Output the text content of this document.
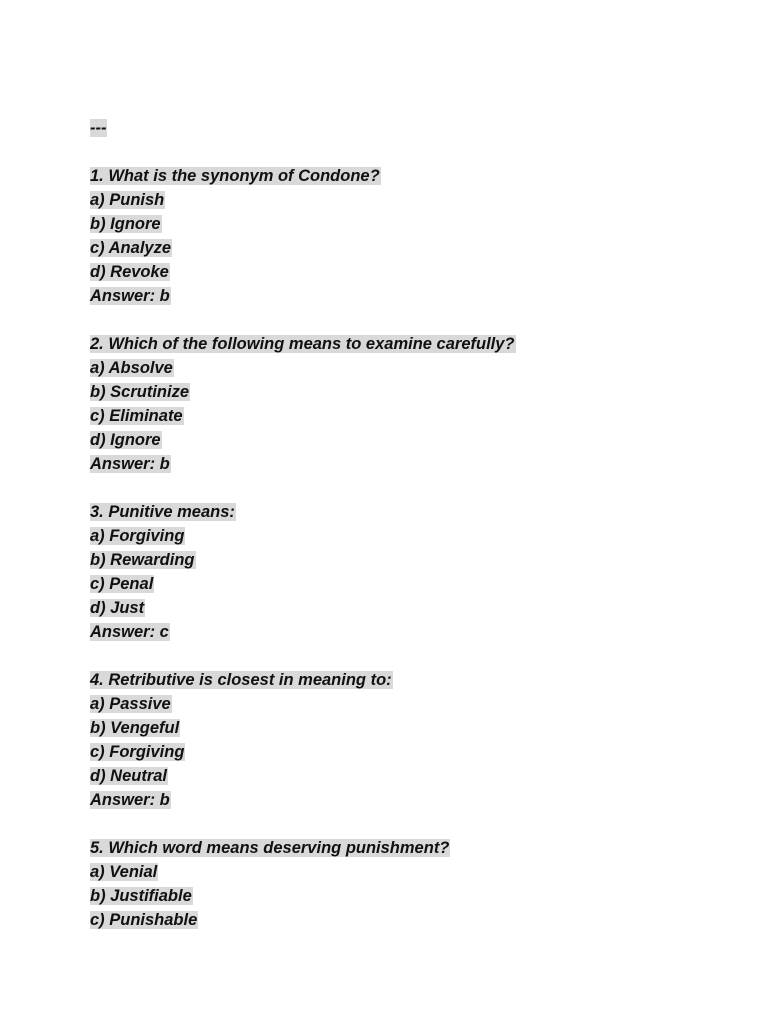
---
1. What is the synonym of Condone?
a) Punish
b) Ignore
c) Analyze
d) Revoke
Answer: b
2. Which of the following means to examine carefully?
a) Absolve
b) Scrutinize
c) Eliminate
d) Ignore
Answer: b
3. Punitive means:
a) Forgiving
b) Rewarding
c) Penal
d) Just
Answer: c
4. Retributive is closest in meaning to:
a) Passive
b) Vengeful
c) Forgiving
d) Neutral
Answer: b
5. Which word means deserving punishment?
a) Venial
b) Justifiable
c) Punishable
